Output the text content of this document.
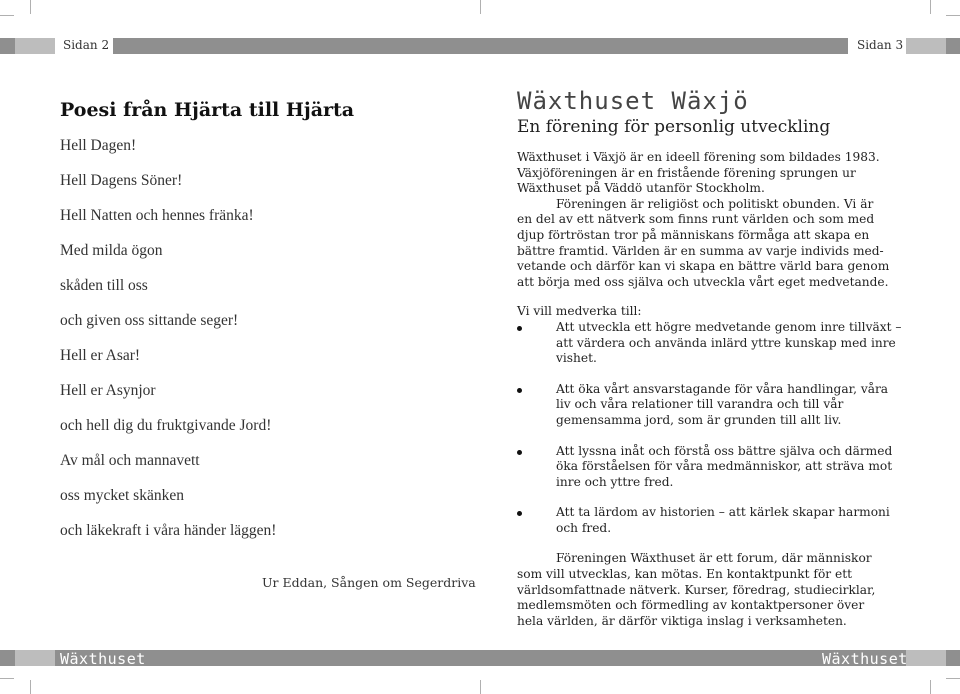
Sidan 2	Sidan 3
Wäxthuset	Wäxthuset
Poesi från Hjärta till Hjärta
Hell Dagen!
Hell Dagens Söner!
Hell Natten och hennes fränka!
Med milda ögon
skåden till oss
och given oss sittande seger!
Hell er Asar!
Hell er Asynjor
och hell dig du fruktgivande Jord!
Av mål och mannavett
oss mycket skänken
och läkekraft i våra händer läggen!
Ur Eddan, Sången om Segerdriva
Wäxthuset Wäxjö
En förening för personlig utveckling

Wäxthuset i Växjö är en ideell förening som bildades 1983.

Växjöföreningen är en fristående förening sprungen ur

Wäxthuset på Väddö utanför Stockholm.

Föreningen är religiöst och politiskt obunden. Vi är

en del av ett nätverk som finns runt världen och som med

djup förtröstan tror på människans förmåga att skapa en

bättre framtid. Världen är en summa av varje individs med-

vetande och därför kan vi skapa en bättre värld bara genom

att börja med oss själva och utveckla vårt eget medvetande.

Vi vill medverka till:

Att utveckla ett högre medvetande genom inre tillväxt –

att värdera och använda inlärd yttre kunskap med inre

vishet.

Att öka vårt ansvarstagande för våra handlingar, våra

liv och våra relationer till varandra och till vår

gemensamma jord, som är grunden till allt liv.

Att lyssna inåt och förstå oss bättre själva och därmed

öka förståelsen för våra medmänniskor, att sträva mot

inre och yttre fred.

Att ta lärdom av historien – att kärlek skapar harmoni

och fred.

Föreningen Wäxthuset är ett forum, där människor

som vill utvecklas, kan mötas. En kontaktpunkt för ett

världsomfattnade nätverk. Kurser, föredrag, studiecirklar,

medlemsmöten och förmedling av kontaktpersoner över

hela världen, är därför viktiga inslag i verksamheten.
